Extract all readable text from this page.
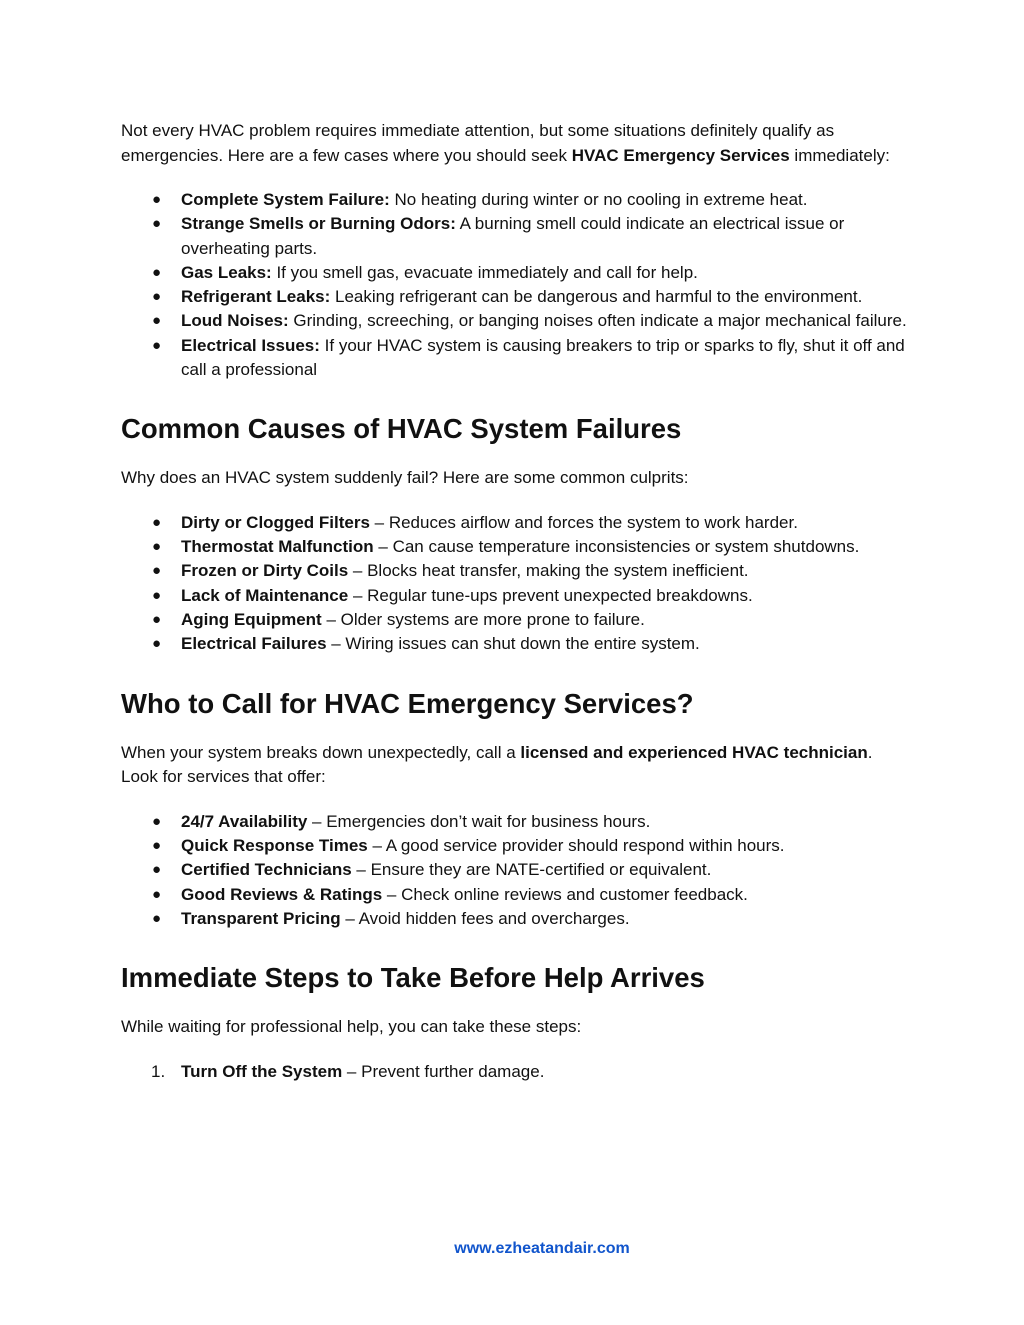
Not every HVAC problem requires immediate attention, but some situations definitely qualify as emergencies. Here are a few cases where you should seek HVAC Emergency Services immediately:

● Complete System Failure: No heating during winter or no cooling in extreme heat.
● Strange Smells or Burning Odors: A burning smell could indicate an electrical issue or overheating parts.
● Gas Leaks: If you smell gas, evacuate immediately and call for help.
● Refrigerant Leaks: Leaking refrigerant can be dangerous and harmful to the environment.
● Loud Noises: Grinding, screeching, or banging noises often indicate a major mechanical failure.
● Electrical Issues: If your HVAC system is causing breakers to trip or sparks to fly, shut it off and call a professional
Common Causes of HVAC System Failures

Why does an HVAC system suddenly fail? Here are some common culprits:

● Dirty or Clogged Filters – Reduces airflow and forces the system to work harder.
● Thermostat Malfunction – Can cause temperature inconsistencies or system shutdowns.
● Frozen or Dirty Coils – Blocks heat transfer, making the system inefficient.
● Lack of Maintenance – Regular tune-ups prevent unexpected breakdowns.
● Aging Equipment – Older systems are more prone to failure.
● Electrical Failures – Wiring issues can shut down the entire system.
Who to Call for HVAC Emergency Services?

When your system breaks down unexpectedly, call a licensed and experienced HVAC technician. Look for services that offer:

● 24/7 Availability – Emergencies don’t wait for business hours.
● Quick Response Times – A good service provider should respond within hours.
● Certified Technicians – Ensure they are NATE-certified or equivalent.
● Good Reviews & Ratings – Check online reviews and customer feedback.
● Transparent Pricing – Avoid hidden fees and overcharges.
Immediate Steps to Take Before Help Arrives

While waiting for professional help, you can take these steps:

1. Turn Off the System – Prevent further damage.
www.ezheatandair.com
